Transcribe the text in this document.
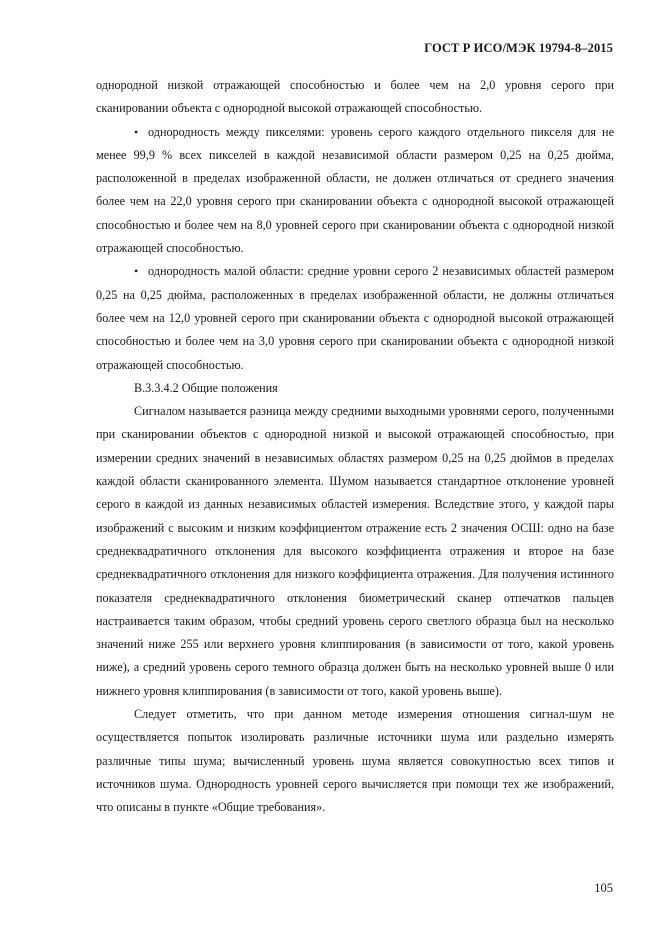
ГОСТ Р ИСО/МЭК 19794-8–2015

однородной низкой отражающей способностью и более чем на 2,0 уровня серого при сканировании объекта с однородной высокой отражающей способностью.

•однородность между пикселями: уровень серого каждого отдельного пикселя для не менее 99,9 % всех пикселей в каждой независимой области размером 0,25 на 0,25 дюйма, расположенной в пределах изображенной области, не должен отличаться от среднего значения более чем на 22,0 уровня серого при сканировании объекта с однородной высокой отражающей способностью и более чем на 8,0 уровней серого при сканировании объекта с однородной низкой отражающей способностью.

•однородность малой области: средние уровни серого 2 независимых областей размером 0,25 на 0,25 дюйма, расположенных в пределах изображенной области, не должны отличаться более чем на 12,0 уровней серого при сканировании объекта с однородной высокой отражающей способностью и более чем на 3,0 уровня серого при сканировании объекта с однородной низкой отражающей способностью.

В.3.3.4.2 Общие положения

Сигналом называется разница между средними выходными уровнями серого, полученными при сканировании объектов с однородной низкой и высокой отражающей способностью, при измерении средних значений в независимых областях размером 0,25 на 0,25 дюймов в пределах каждой области сканированного элемента. Шумом называется стандартное отклонение уровней серого в каждой из данных независимых областей измерения. Вследствие этого, у каждой пары изображений с высоким и низким коэффициентом отражение есть 2 значения ОСШ: одно на базе среднеквадратичного отклонения для высокого коэффициента отражения и второе на базе среднеквадратичного отклонения для низкого коэффициента отражения. Для получения истинного показателя среднеквадратичного отклонения биометрический сканер отпечатков пальцев настраивается таким образом, чтобы средний уровень серого светлого образца был на несколько значений ниже 255 или верхнего уровня клиппирования (в зависимости от того, какой уровень ниже), а средний уровень серого темного образца должен быть на несколько уровней выше 0 или нижнего уровня клиппирования (в зависимости от того, какой уровень выше).

Следует отметить, что при данном методе измерения отношения сигнал-шум не осуществляется попыток изолировать различные источники шума или раздельно измерять различные типы шума; вычисленный уровень шума является совокупностью всех типов и источников шума. Однородность уровней серого вычисляется при помощи тех же изображений, что описаны в пункте «Общие требования».

105
